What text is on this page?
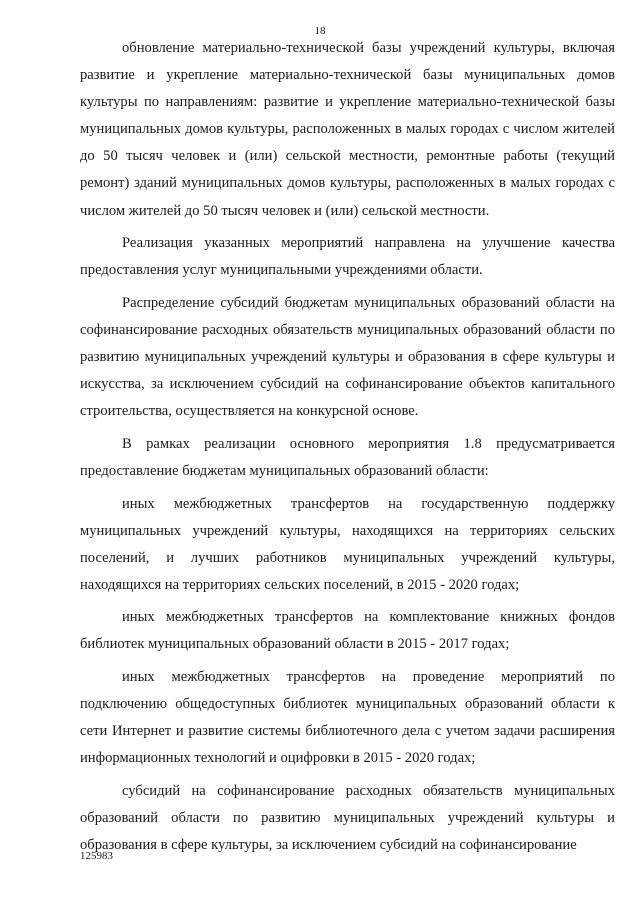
18

обновление материально-технической базы учреждений культуры, включая развитие и укрепление материально-технической базы муниципальных домов культуры по направлениям: развитие и укрепление материально-технической базы муниципальных домов культуры, расположенных в малых городах с числом жителей до 50 тысяч человек и (или) сельской местности, ремонтные работы (текущий ремонт) зданий муниципальных домов культуры, расположенных в малых городах с числом жителей до 50 тысяч человек и (или) сельской местности.

Реализация указанных мероприятий направлена на улучшение качества предоставления услуг муниципальными учреждениями области.

Распределение субсидий бюджетам муниципальных образований области на софинансирование расходных обязательств муниципальных образований области по развитию муниципальных учреждений культуры и образования в сфере культуры и искусства, за исключением субсидий на софинансирование объектов капитального строительства, осуществляется на конкурсной основе.

В рамках реализации основного мероприятия 1.8 предусматривается предоставление бюджетам муниципальных образований области:

иных межбюджетных трансфертов на государственную поддержку муниципальных учреждений культуры, находящихся на территориях сельских поселений, и лучших работников муниципальных учреждений культуры, находящихся на территориях сельских поселений, в 2015 - 2020 годах;

иных межбюджетных трансфертов на комплектование книжных фондов библиотек муниципальных образований области в 2015 - 2017 годах;

иных межбюджетных трансфертов на проведение мероприятий по подключению общедоступных библиотек муниципальных образований области к сети Интернет и развитие системы библиотечного дела с учетом задачи расширения информационных технологий и оцифровки в 2015 - 2020 годах;

субсидий на софинансирование расходных обязательств муниципальных образований области по развитию муниципальных учреждений культуры и образования в сфере культуры, за исключением субсидий на софинансирование

125983
